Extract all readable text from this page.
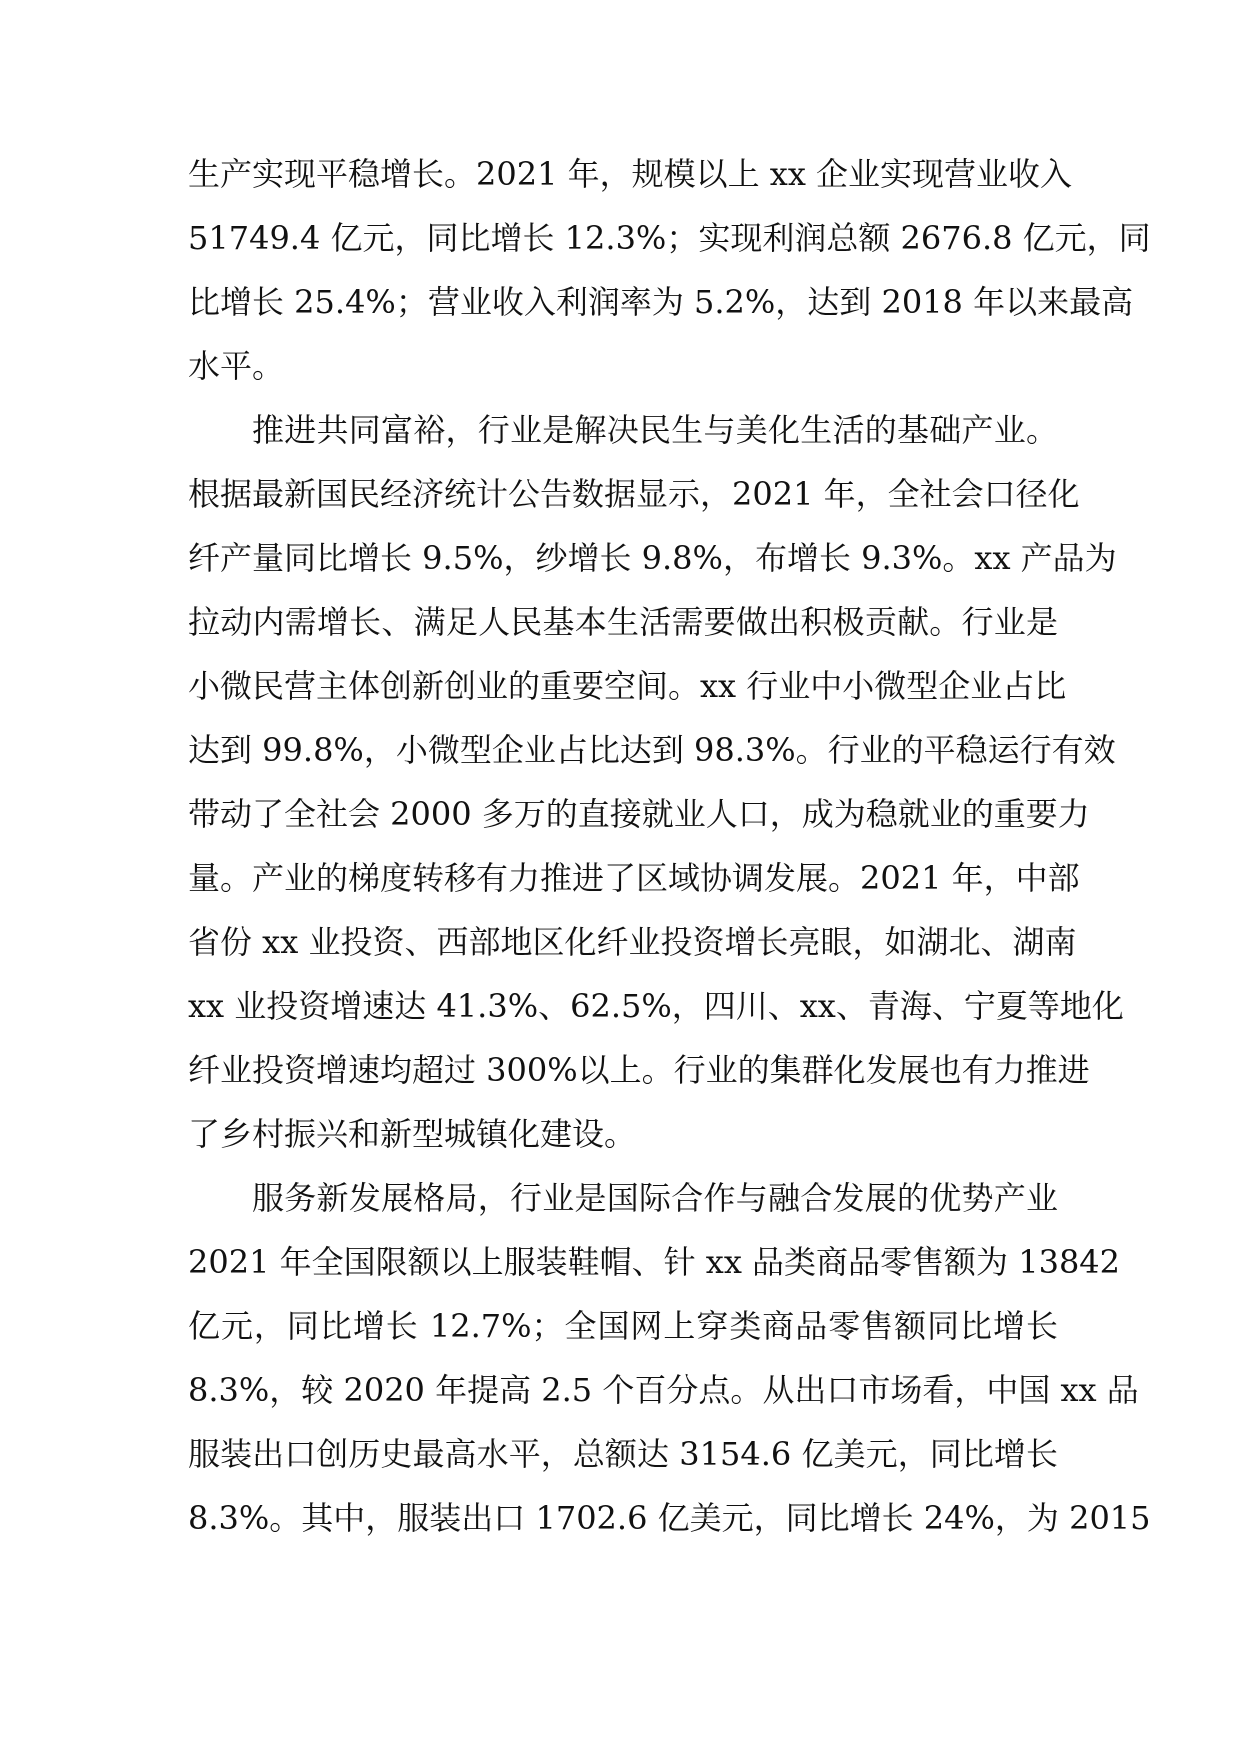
生产实现平稳增长。2021 年，规模以上 xx 企业实现营业收入
51749.4 亿元，同比增长 12.3%；实现利润总额 2676.8 亿元，同
比增长 25.4%；营业收入利润率为 5.2%，达到 2018 年以来最高
水平。
推进共同富裕，行业是解决民生与美化生活的基础产业。
根据最新国民经济统计公告数据显示，2021 年，全社会口径化
纤产量同比增长 9.5%，纱增长 9.8%，布增长 9.3%。xx 产品为
拉动内需增长、满足人民基本生活需要做出积极贡献。行业是
小微民营主体创新创业的重要空间。xx 行业中小微型企业占比
达到 99.8%，小微型企业占比达到 98.3%。行业的平稳运行有效
带动了全社会 2000 多万的直接就业人口，成为稳就业的重要力
量。产业的梯度转移有力推进了区域协调发展。2021 年，中部
省份 xx 业投资、西部地区化纤业投资增长亮眼，如湖北、湖南
xx 业投资增速达 41.3%、62.5%，四川、xx、青海、宁夏等地化
纤业投资增速均超过 300%以上。行业的集群化发展也有力推进
了乡村振兴和新型城镇化建设。
服务新发展格局，行业是国际合作与融合发展的优势产业
2021 年全国限额以上服装鞋帽、针 xx 品类商品零售额为 13842
亿元，同比增长 12.7%；全国网上穿类商品零售额同比增长
8.3%，较 2020 年提高 2.5 个百分点。从出口市场看，中国 xx 品
服装出口创历史最高水平，总额达 3154.6 亿美元，同比增长
8.3%。其中，服装出口 1702.6 亿美元，同比增长 24%，为 2015
